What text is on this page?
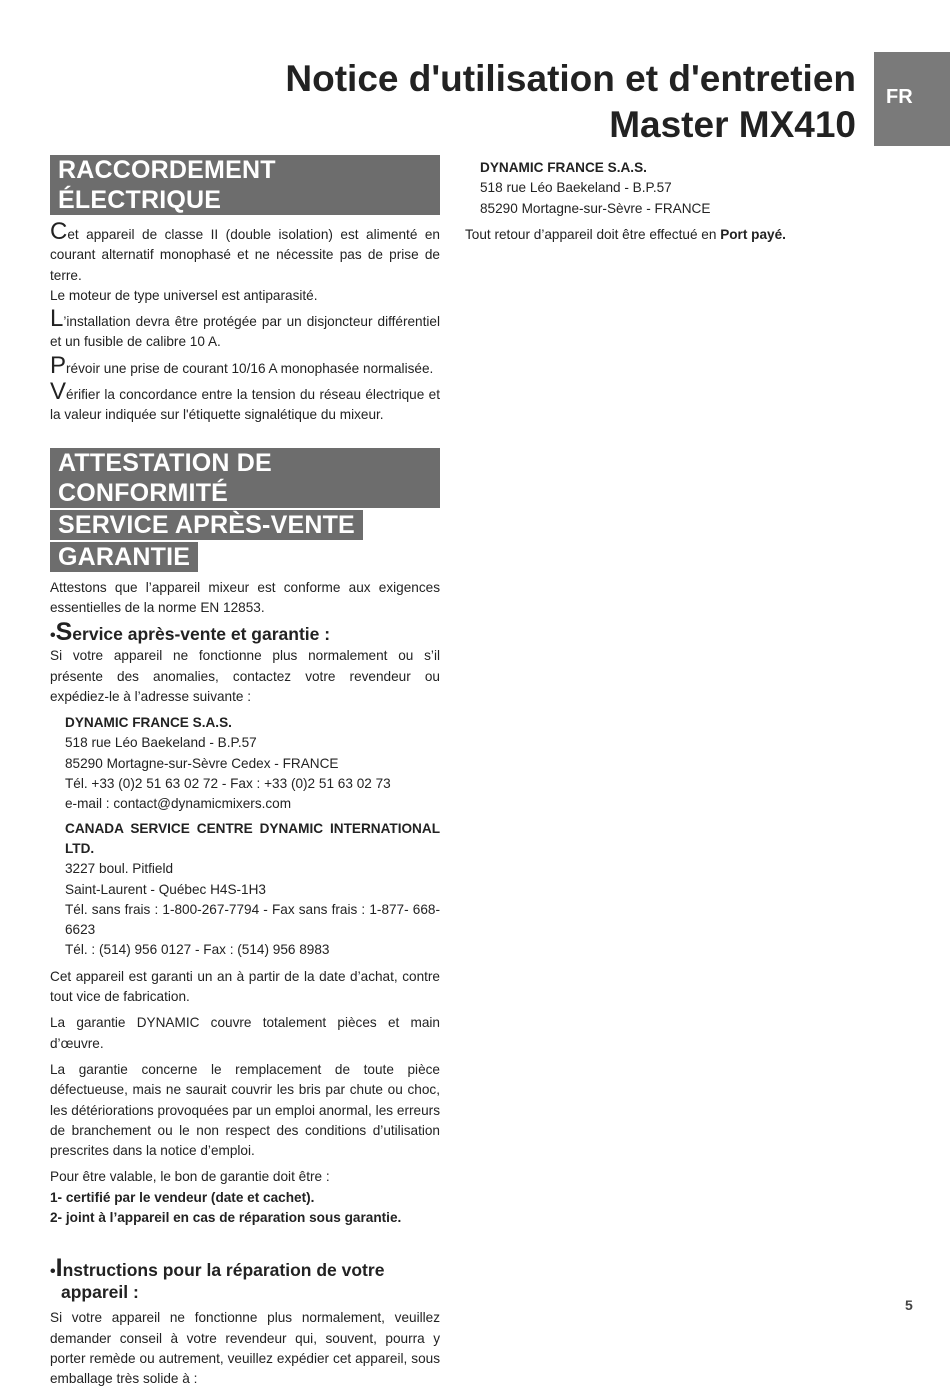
Notice d'utilisation et d'entretien
Master MX410
FR
RACCORDEMENT ÉLECTRIQUE

Cet appareil de classe II (double isolation) est alimenté en courant alternatif monophasé et ne nécessite pas de prise de terre.

Le moteur de type universel est antiparasité.

L’installation devra être protégée par un disjoncteur différentiel et un fusible de calibre 10 A.

Prévoir une prise de courant 10/16 A monophasée normalisée.

Vérifier la concordance entre la tension du réseau électrique et la valeur indiquée sur l'étiquette signalétique du mixeur.

ATTESTATION DE CONFORMITÉ
SERVICE APRÈS-VENTE
GARANTIE

Attestons que l’appareil mixeur est conforme aux exigences essentielles de la norme EN 12853.

•Service après-vente et garantie :

Si votre appareil ne fonctionne plus normalement ou s’il présente des anomalies, contactez votre revendeur ou expédiez-le à l’adresse suivante :

DYNAMIC FRANCE S.A.S.
518 rue Léo Baekeland - B.P.57
85290 Mortagne-sur-Sèvre Cedex - FRANCE
Tél. +33 (0)2 51 63 02 72 - Fax : +33 (0)2 51 63 02 73
e-mail : contact@dynamicmixers.com
CANADA SERVICE CENTRE DYNAMIC INTERNATIONAL LTD.
3227 boul. Pitfield
Saint-Laurent - Québec H4S-1H3
Tél. sans frais : 1-800-267-7794 - Fax sans frais : 1-877- 668-6623
Tél. : (514) 956 0127 - Fax : (514) 956 8983

Cet appareil est garanti un an à partir de la date d’achat, contre tout vice de fabrication.

La garantie DYNAMIC couvre totalement pièces et main d’œuvre.

La garantie concerne le remplacement de toute pièce défectueuse, mais ne saurait couvrir les bris par chute ou choc, les détériorations provoquées par un emploi anormal, les erreurs de branchement ou le non respect des conditions d’utilisation prescrites dans la notice d’emploi.

Pour être valable, le bon de garantie doit être :

1- certifié par le vendeur (date et cachet).

2- joint à l’appareil en cas de réparation sous garantie.

•Instructions pour la réparation de votre
appareil :

Si votre appareil ne fonctionne plus normalement, veuillez demander conseil à votre revendeur qui, souvent, pourra y porter remède ou autrement, veuillez expédier cet appareil, sous emballage très solide à :

DYNAMIC FRANCE S.A.S.
518 rue Léo Baekeland - B.P.57
85290 Mortagne-sur-Sèvre - FRANCE

Tout retour d’appareil doit être effectué en Port payé.

5
